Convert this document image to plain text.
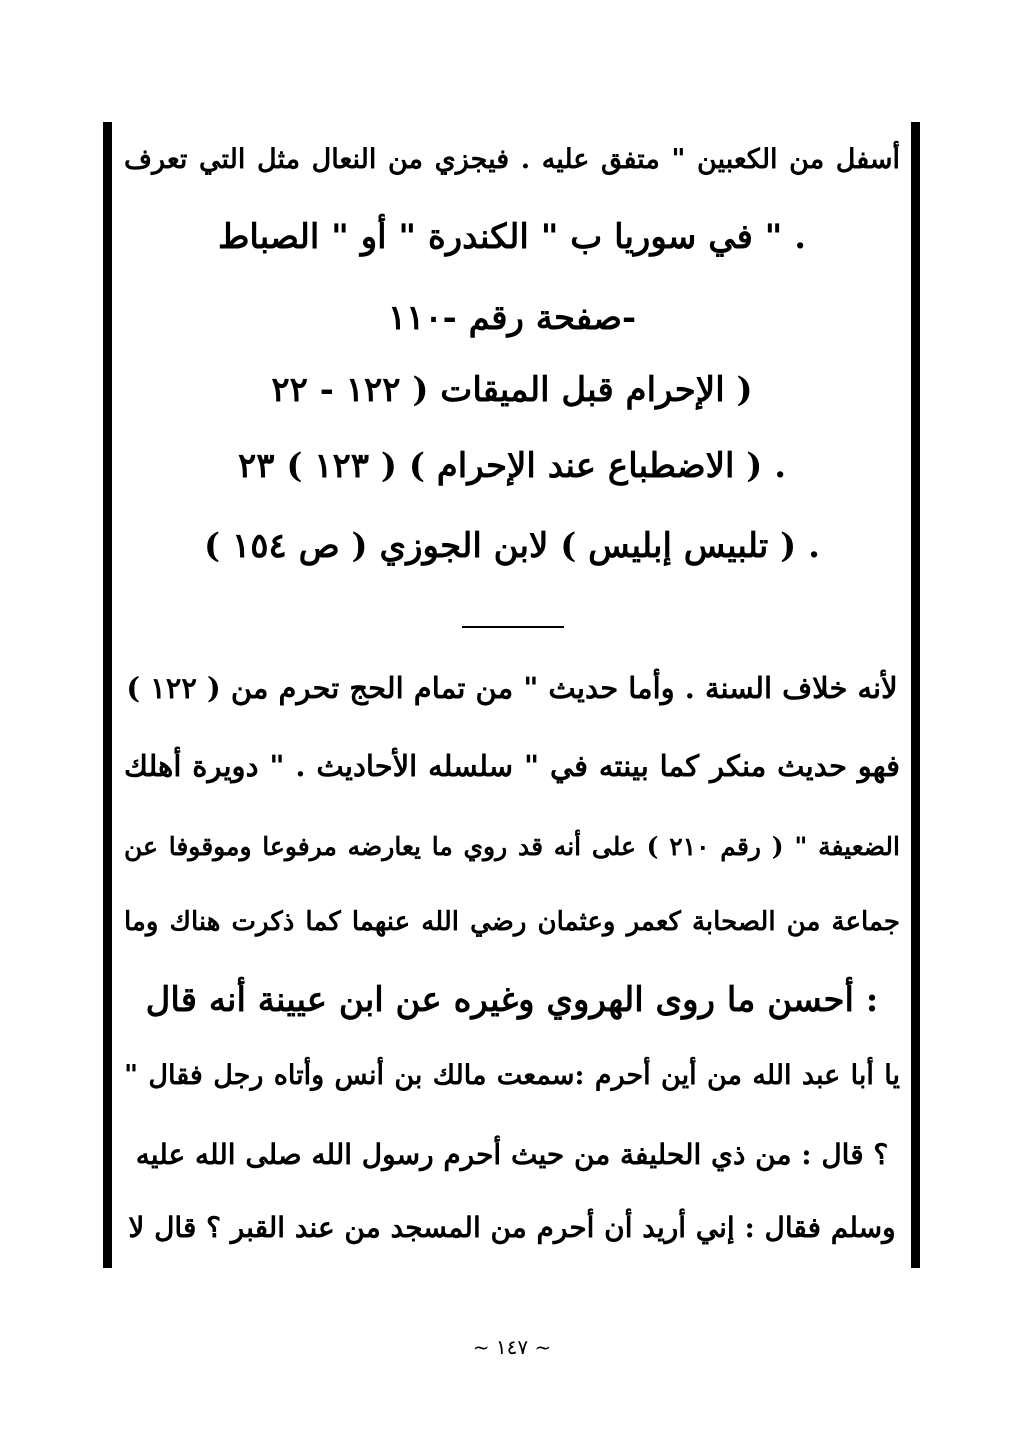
أسفل من الكعبين " متفق عليه . فيجزي من النعال مثل التي تعرف
. " في سوريا ب " الكندرة " أو " الصباط
-صفحة رقم -١١٠
( الإحرام قبل الميقات ( ١٢٢ - ٢٢
. ( الاضطباع عند الإحرام ) ( ١٢٣ ) ٢٣
. ( تلبيس إبليس ) لابن الجوزي ( ص ١٥٤ )
لأنه خلاف السنة . وأما حديث " من تمام الحج تحرم من ( ١٢٢ )
فهو حديث منكر كما بينته في " سلسله الأحاديث . " دويرة أهلك
الضعيفة " ( رقم ٢١٠ ) على أنه قد روي ما يعارضه مرفوعا وموقوفا عن
جماعة من الصحابة كعمر وعثمان رضي الله عنهما كما ذكرت هناك وما
: أحسن ما روى الهروي وغيره عن ابن عيينة أنه قال
يا أبا عبد الله من أين أحرم :سمعت مالك بن أنس وأتاه رجل فقال "
؟ قال : من ذي الحليفة من حيث أحرم رسول الله صلى الله عليه
وسلم فقال : إني أريد أن أحرم من المسجد من عند القبر ؟ قال لا
~ ١٤٧ ~
